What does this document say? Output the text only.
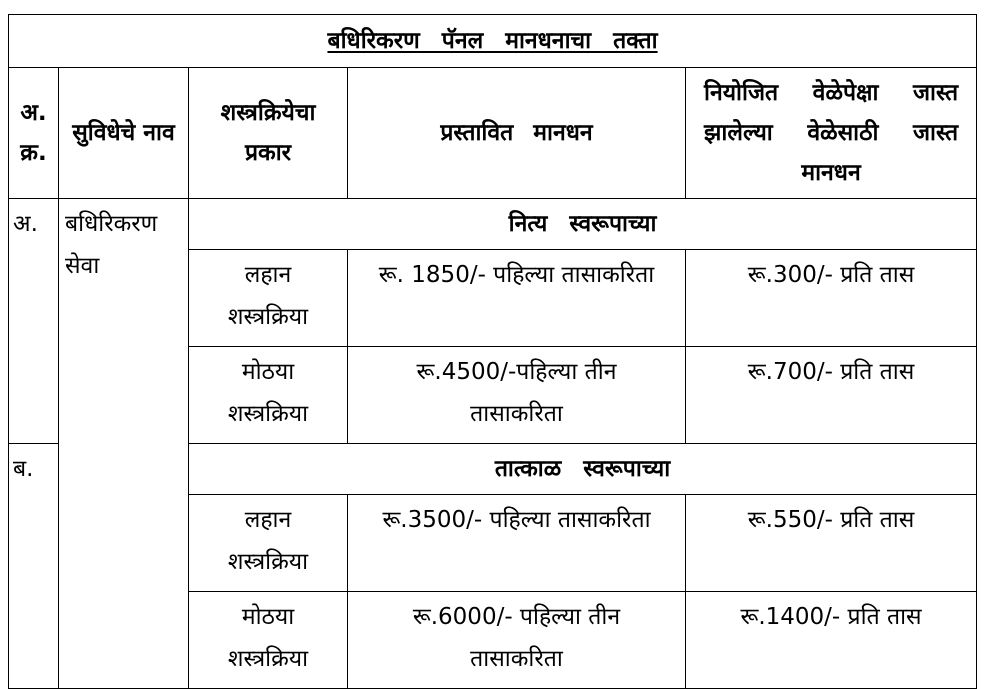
बधिरिकरण पॅनल मानधनाचा तक्ता				
अ. क्र.	सुविधेचे नाव	शस्त्रक्रियेचा प्रकार	प्रस्तावित मानधन	नियोजित वेळेपेक्षा जास्त झालेल्या वेळेसाठी जास्त मानधन
अ.	बधिरिकरण सेवा	नित्य स्वरूपाच्या		
		लहान शस्त्रक्रिया	रू. 1850/- पहिल्या तासाकरिता	रू.300/- प्रति तास
		मोठया शस्त्रक्रिया	रू.4500/-पहिल्या तीन तासाकरिता	रू.700/- प्रति तास
ब.		तात्काळ स्वरूपाच्या		
		लहान शस्त्रक्रिया	रू.3500/- पहिल्या तासाकरिता	रू.550/- प्रति तास
		मोठया शस्त्रक्रिया	रू.6000/- पहिल्या तीन तासाकरिता	रू.1400/- प्रति तास
